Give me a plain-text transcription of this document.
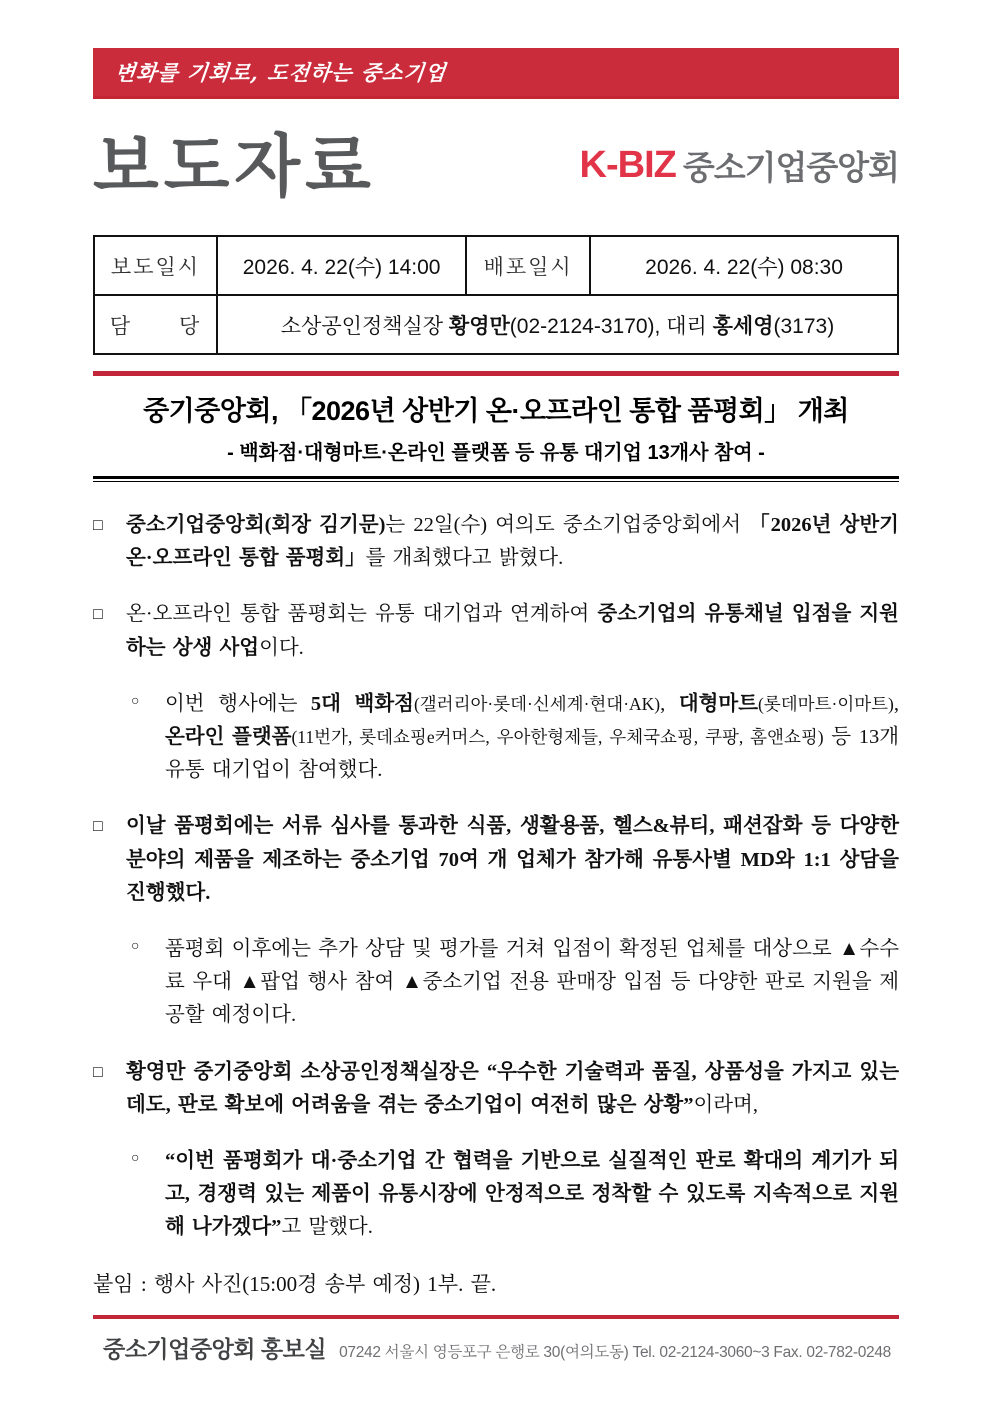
변화를 기회로, 도전하는 중소기업
보도자료	K-BIZ 중소기업중앙회
보도일시	2026. 4. 22(수) 14:00	배포일시	2026. 4. 22(수) 08:30
담      당	소상공인정책실장 황영만(02-2124-3170), 대리 홍세영(3173)		
중기중앙회, 「2026년 상반기 온·오프라인 통합 품평회」 개최
- 백화점·대형마트·온라인 플랫폼 등 유통 대기업 13개사 참여 -
□ 중소기업중앙회(회장 김기문)는 22일(수) 여의도 중소기업중앙회에서 「2026년 상반기 온·오프라인 통합 품평회」를 개최했다고 밝혔다.
□ 온·오프라인 통합 품평회는 유통 대기업과 연계하여 중소기업의 유통채널 입점을 지원하는 상생 사업이다.
○ 이번 행사에는 5대 백화점(갤러리아·롯데·신세계·현대·AK), 대형마트(롯데마트·이마트), 온라인 플랫폼(11번가, 롯데쇼핑e커머스, 우아한형제들, 우체국쇼핑, 쿠팡, 홈앤쇼핑) 등 13개 유통 대기업이 참여했다.
□ 이날 품평회에는 서류 심사를 통과한 식품, 생활용품, 헬스&뷰티, 패션잡화 등 다양한 분야의 제품을 제조하는 중소기업 70여 개 업체가 참가해 유통사별 MD와 1:1 상담을 진행했다.
○ 품평회 이후에는 추가 상담 및 평가를 거쳐 입점이 확정된 업체를 대상으로 ▲수수료 우대 ▲팝업 행사 참여 ▲중소기업 전용 판매장 입점 등 다양한 판로 지원을 제공할 예정이다.
□ 황영만 중기중앙회 소상공인정책실장은 “우수한 기술력과 품질, 상품성을 가지고 있는데도, 판로 확보에 어려움을 겪는 중소기업이 여전히 많은 상황”이라며,
○ “이번 품평회가 대·중소기업 간 협력을 기반으로 실질적인 판로 확대의 계기가 되고, 경쟁력 있는 제품이 유통시장에 안정적으로 정착할 수 있도록 지속적으로 지원해 나가겠다”고 말했다.
붙임 : 행사 사진(15:00경 송부 예정) 1부. 끝.
중소기업중앙회 홍보실 07242 서울시 영등포구 은행로 30(여의도동) Tel. 02-2124-3060~3 Fax. 02-782-0248
